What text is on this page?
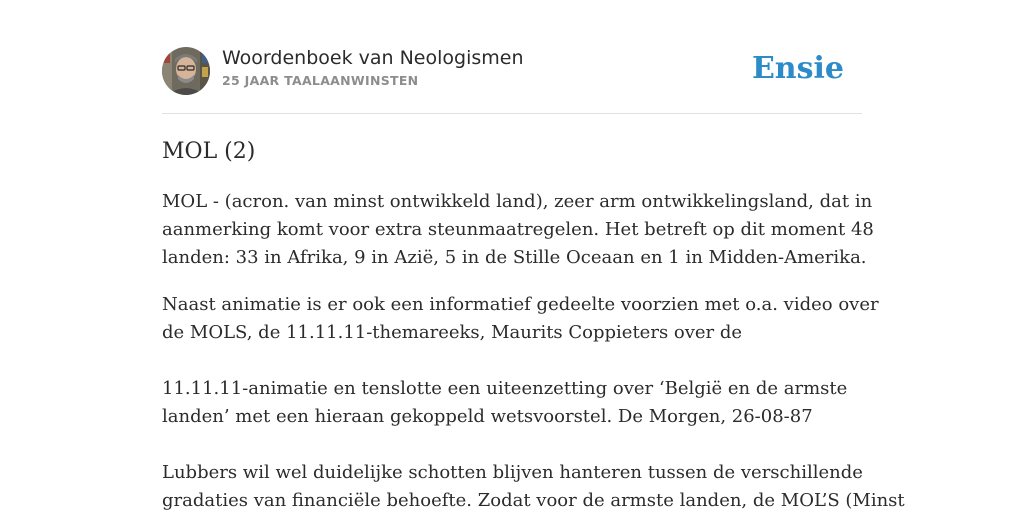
Woordenboek van Neologismen
25 JAAR TAALAANWINSTEN	Ensie
MOL (2)

MOL - (acron. van minst ontwikkeld land), zeer arm ontwikkelingsland, dat in

aanmerking komt voor extra steunmaatregelen. Het betreft op dit moment 48

landen: 33 in Afrika, 9 in Azië, 5 in de Stille Oceaan en 1 in Midden-Amerika.

Naast animatie is er ook een informatief gedeelte voorzien met o.a. video over

de MOLS, de 11.11.11-themareeks, Maurits Coppieters over de

11.11.11-animatie en tenslotte een uiteenzetting over ‘België en de armste

landen’ met een hieraan gekoppeld wetsvoorstel. De Morgen, 26-08-87

Lubbers wil wel duidelijke schotten blijven hanteren tussen de verschillende

gradaties van financiële behoefte. Zodat voor de armste landen, de MOL’S (Minst
